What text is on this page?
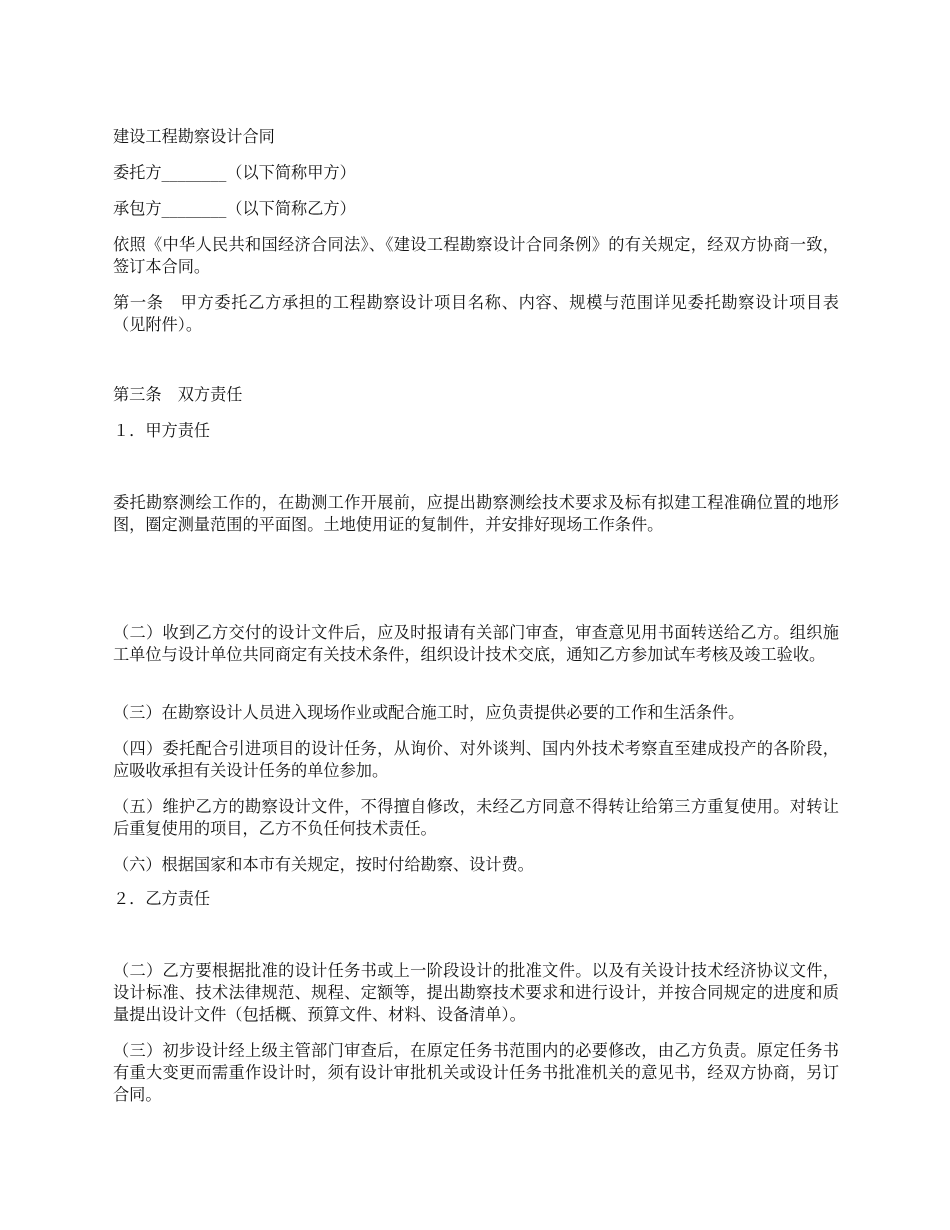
建设工程勘察设计合同

委托方________（以下简称甲方）

承包方________（以下简称乙方）

依照《中华人民共和国经济合同法》、《建设工程勘察设计合同条例》的有关规定，经双方协商一致，签订本合同。

第一条　甲方委托乙方承担的工程勘察设计项目名称、内容、规模与范围详见委托勘察设计项目表（见附件）。

第三条　双方责任

１．甲方责任

委托勘察测绘工作的，在勘测工作开展前，应提出勘察测绘技术要求及标有拟建工程准确位置的地形图，圈定测量范围的平面图。土地使用证的复制件，并安排好现场工作条件。

（二）收到乙方交付的设计文件后，应及时报请有关部门审查，审查意见用书面转送给乙方。组织施工单位与设计单位共同商定有关技术条件，组织设计技术交底，通知乙方参加试车考核及竣工验收。

（三）在勘察设计人员进入现场作业或配合施工时，应负责提供必要的工作和生活条件。

（四）委托配合引进项目的设计任务，从询价、对外谈判、国内外技术考察直至建成投产的各阶段，应吸收承担有关设计任务的单位参加。

（五）维护乙方的勘察设计文件，不得擅自修改，未经乙方同意不得转让给第三方重复使用。对转让后重复使用的项目，乙方不负任何技术责任。

（六）根据国家和本市有关规定，按时付给勘察、设计费。

２．乙方责任

（二）乙方要根据批准的设计任务书或上一阶段设计的批准文件。以及有关设计技术经济协议文件，设计标准、技术法律规范、规程、定额等，提出勘察技术要求和进行设计，并按合同规定的进度和质量提出设计文件（包括概、预算文件、材料、设备清单）。

（三）初步设计经上级主管部门审查后，在原定任务书范围内的必要修改，由乙方负责。原定任务书有重大变更而需重作设计时，须有设计审批机关或设计任务书批准机关的意见书，经双方协商，另订合同。
